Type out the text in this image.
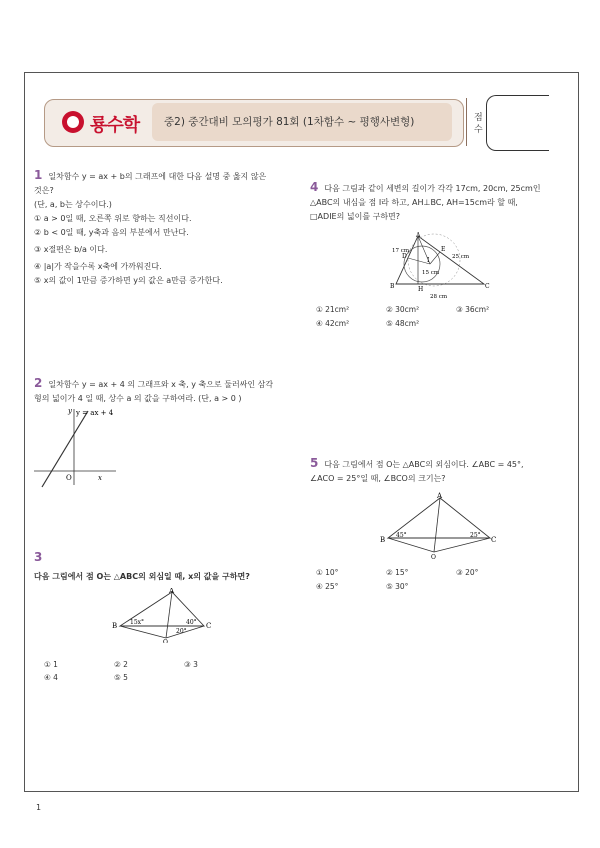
룡수학 중2) 중간대비 모의평가 81회 (1차함수 ~ 평행사변형)	점수
1 일차함수 y = ax + b의 그래프에 대한 다음 설명 중 옳지 않은
것은?
(단, a, b는 상수이다.)
① a > 0일 때, 오른쪽 위로 향하는 직선이다.
② b < 0일 때, y축과 음의 부분에서 만난다.
③ x절편은 b/a 이다.
④ |a|가 작을수록 x축에 가까워진다.
⑤ x의 값이 1만큼 증가하면 y의 값은 a만큼 증가한다.
2 일차함수 y = ax + 4 의 그래프와 x 축, y 축으로 둘러싸인 삼각
형의 넓이가 4 일 때, 상수 a 의 값을 구하여라. (단, a > 0 )
y = ax + 4
y
x
O
3
다음 그림에서 점 O는 △ABC의 외심일 때, x의 값을 구하면?
A
B	C
O
15x°	40°
20°
① 1	② 2	③ 3
④ 4	⑤ 5
4 다음 그림과 같이 세변의 길이가 각각 17cm, 20cm, 25cm인
△ABC의 내심을 점 I라 하고, AH⊥BC, AH=15cm라 할 때,
□ADIE의 넓이를 구하면?
A
B	C
D
E
H
I
17 cm
25 cm
28 cm
15 cm
① 21cm²	② 30cm²	③ 36cm²
④ 42cm²	⑤ 48cm²
5 다음 그림에서 점 O는 △ABC의 외심이다. ∠ABC = 45°,
∠ACO = 25°일 때, ∠BCO의 크기는?
A
B	C
O
45°	25°
① 10°	② 15°	③ 20°
④ 25°	⑤ 30°
1
